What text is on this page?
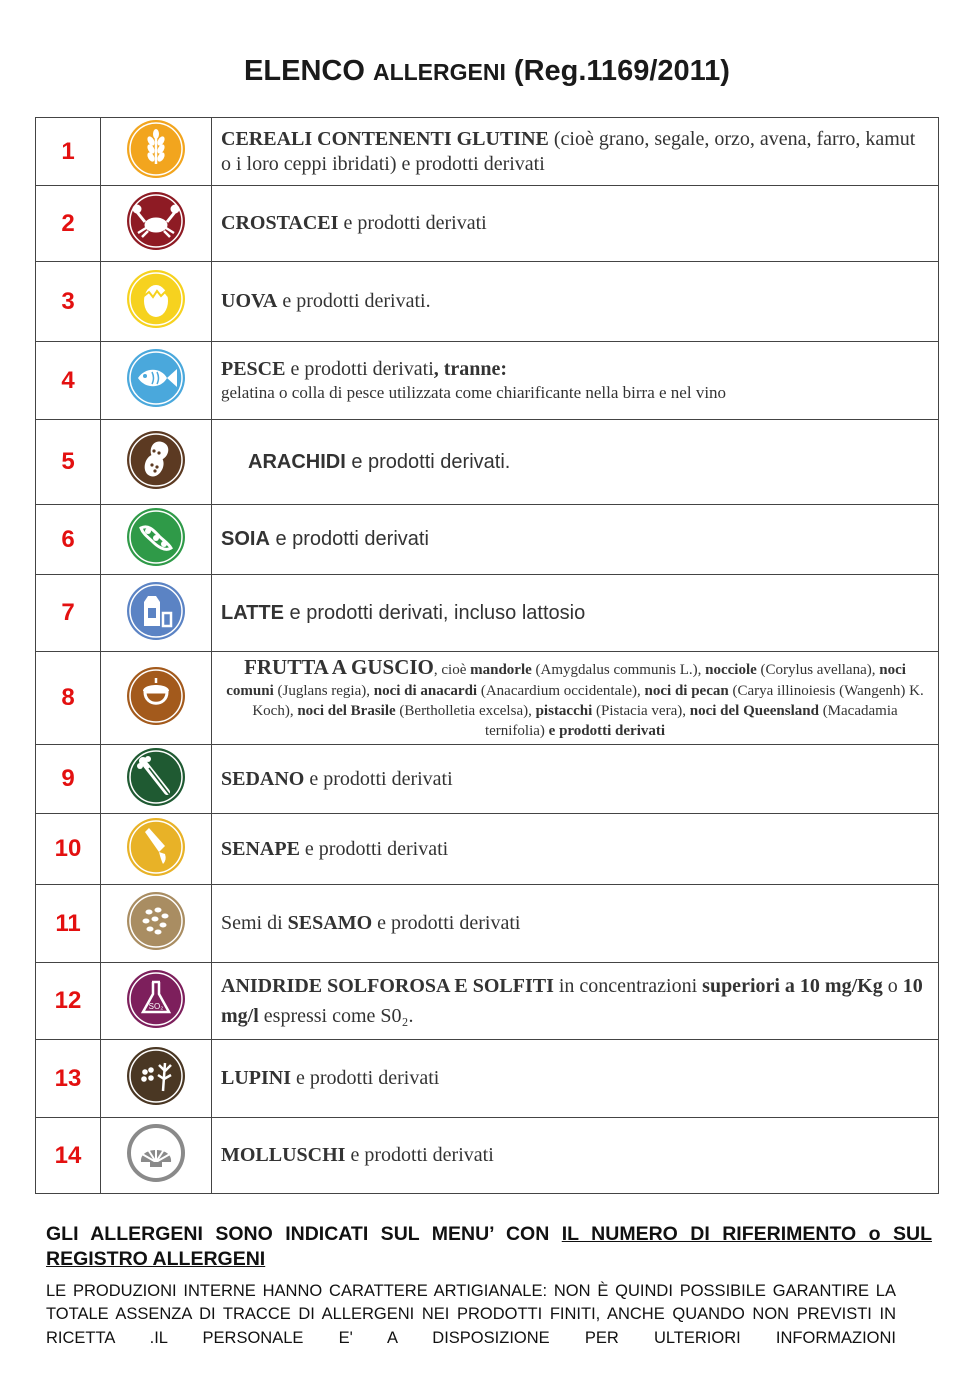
ELENCO ALLERGENI (Reg.1169/2011)
1		CEREALI CONTENENTI GLUTINE (cioè grano, segale, orzo, avena, farro, kamut o i loro ceppi ibridati) e prodotti derivati
2		CROSTACEI e prodotti derivati
3		UOVA e prodotti derivati.
4		PESCE e prodotti derivati, tranne:
gelatina o colla di pesce utilizzata come chiarificante nella birra e nel vino

5		ARACHIDI e prodotti derivati.
6		SOIA e prodotti derivati
7		LATTE e prodotti derivati, incluso lattosio
8		FRUTTA A GUSCIO, cioè mandorle (Amygdalus communis L.), nocciole (Corylus avellana), noci comuni (Juglans regia), noci di anacardi (Anacardium occidentale), noci di pecan (Carya illinoiesis (Wangenh) K. Koch), noci del Brasile (Bertholletia excelsa), pistacchi (Pistacia vera), noci del Queensland (Macadamia ternifolia) e prodotti derivati
9		SEDANO e prodotti derivati
10		SENAPE e prodotti derivati
11		Semi di SESAMO e prodotti derivati
12	SO₂	ANIDRIDE SOLFOROSA E SOLFITI in concentrazioni superiori a 10 mg/Kg o 10 mg/l espressi come S0₂.
13		LUPINI e prodotti derivati
14		MOLLUSCHI e prodotti derivati
GLI ALLERGENI SONO INDICATI SUL MENU’ CON IL NUMERO DI RIFERIMENTO o SUL REGISTRO ALLERGENI
LE PRODUZIONI INTERNE HANNO CARATTERE ARTIGIANALE: NON È QUINDI POSSIBILE GARANTIRE LA TOTALE ASSENZA DI TRACCE DI ALLERGENI NEI PRODOTTI FINITI, ANCHE QUANDO NON PREVISTI IN RICETTA .IL PERSONALE E' A DISPOSIZIONE PER ULTERIORI INFORMAZIONI
